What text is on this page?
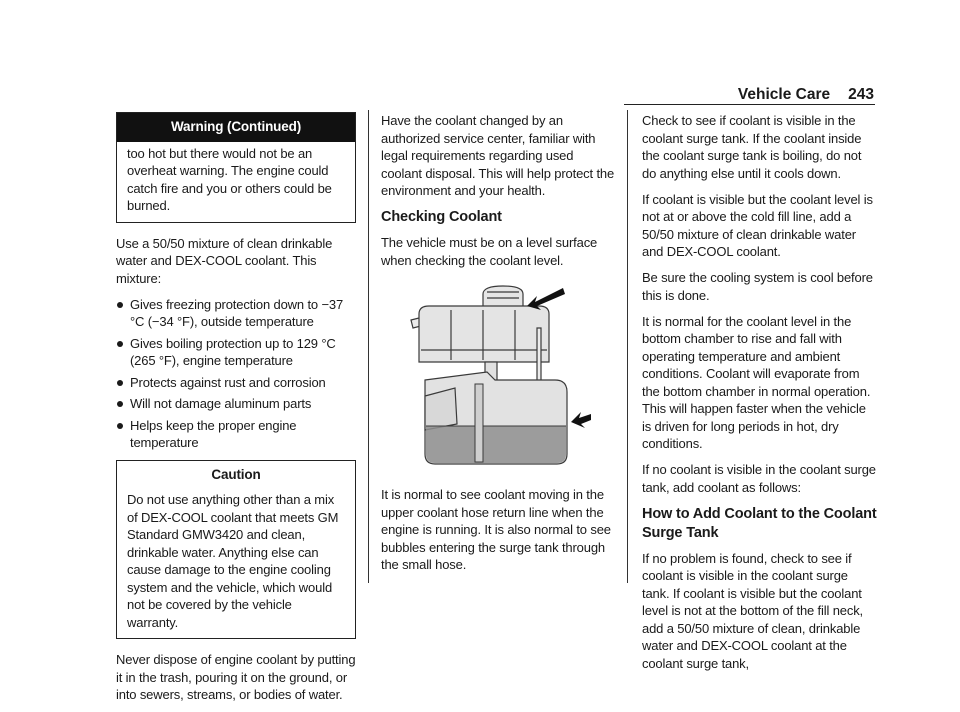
Vehicle Care 243
Warning (Continued)
too hot but there would not be an overheat warning. The engine could catch fire and you or others could be burned.

Use a 50/50 mixture of clean drinkable water and DEX-COOL coolant. This mixture:

Gives freezing protection down to −37 °C (−34 °F), outside temperature
Gives boiling protection up to 129 °C (265 °F), engine temperature
Protects against rust and corrosion
Will not damage aluminum parts
Helps keep the proper engine temperature
Caution
Do not use anything other than a mix of DEX-COOL coolant that meets GM Standard GMW3420 and clean, drinkable water. Anything else can cause damage to the engine cooling system and the vehicle, which would not be covered by the vehicle warranty.

Never dispose of engine coolant by putting it in the trash, pouring it on the ground, or into sewers, streams, or bodies of water.

Have the coolant changed by an authorized service center, familiar with legal requirements regarding used coolant disposal. This will help protect the environment and your health.

Checking Coolant

The vehicle must be on a level surface when checking the coolant level.

It is normal to see coolant moving in the upper coolant hose return line when the engine is running. It is also normal to see bubbles entering the surge tank through the small hose.

Check to see if coolant is visible in the coolant surge tank. If the coolant inside the coolant surge tank is boiling, do not do anything else until it cools down.

If coolant is visible but the coolant level is not at or above the cold fill line, add a 50/50 mixture of clean drinkable water and DEX-COOL coolant.

Be sure the cooling system is cool before this is done.

It is normal for the coolant level in the bottom chamber to rise and fall with operating temperature and ambient conditions. Coolant will evaporate from the bottom chamber in normal operation. This will happen faster when the vehicle is driven for long periods in hot, dry conditions.

If no coolant is visible in the coolant surge tank, add coolant as follows:

How to Add Coolant to the Coolant Surge Tank

If no problem is found, check to see if coolant is visible in the coolant surge tank. If coolant is visible but the coolant level is not at the bottom of the fill neck, add a 50/50 mixture of clean, drinkable water and DEX-COOL coolant at the coolant surge tank,
